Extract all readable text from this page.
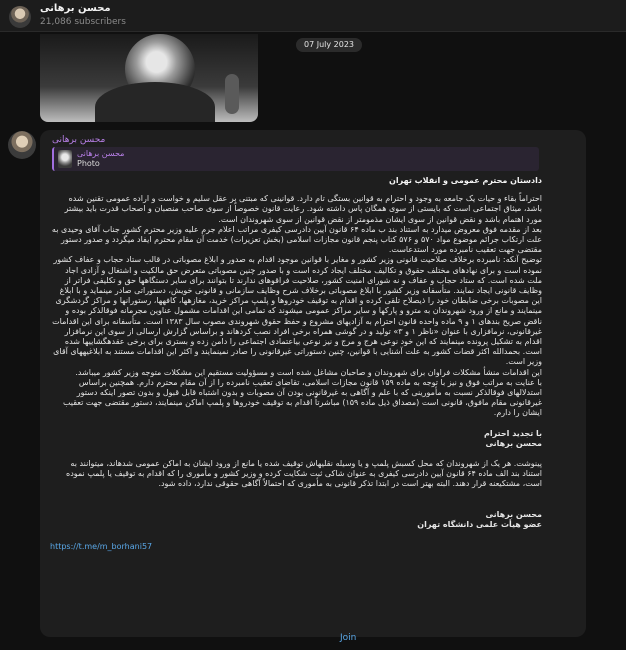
محسن برهانی
21,086 subscribers
07 July 2023
محسن برهانی
محسن برهانی
Photo
دادستان محترم عمومی و انقلاب تهران
احتراماً بقاء و حیات یک جامعه به وجود و احترام به قوانین بستگی تام دارد. قوانینی که مبتنی بر عقل سلیم و خواست و اراده عمومی تقنین شده باشد، میثاق اجتماعی است که بایستی از سوی همگان پاس داشته شود. رعایت قانون خصوصاً از سوی صاحب منصبان و اصحاب قدرت باید بیشتر مورد اهتمام باشد و نقض قوانین از سوی ایشان مذمومتر از نقض قوانین از سوی شهروندان است.
بعد از مقدمه فوق معروض میدارد به استناد بند ب ماده ۶۴ قانون آیین دادرسی کیفری مراتب اعلام جرم علیه وزیر محترم کشور جناب آقای وحیدی به علت ارتکاب جرائم موضوع مواد ۵۷۰ و ۵۷۶ کتاب پنجم قانون مجازات اسلامی (بخش تعزیرات) خدمت آن مقام محترم ایفاد میگردد و صدور دستور مقتضی جهت تعقیب نامبرده مورد استدعاست.
توضیح آنکه: نامبرده برخلاف صلاحیت قانونی وزیر کشور و مغایر با قوانین موجود اقدام به صدور و ابلاغ مصوباتی در قالب ستاد حجاب و عفاف کشور نموده است و برای نهادهای مختلف حقوق و تکالیف مختلف ایجاد کرده است و با صدور چنین مصوباتی متعرض حق مالکیت و اشتغال و آزادی اجاد ملت شده است. که ستاد حجاب و عفاف و نه شورای امنیت کشور، صلاحیت فراقوهای ندارند تا بتوانند برای سایر دستگاهها حق و تکلیفی فراتر از وظایف قانونی ایجاد نمایند. متأسفانه وزیر کشور با ابلاغ مصوباتی برخلاف شرح وظایف سازمانی و قانونی خویش، دستوراتی صادر مینماید و با ابلاغ این مصوبات برخی ضابطان خود را ذیصلاح تلقی کرده و اقدام به توقیف خودروها و پلمپ مراکز خرید، مغازهها، کافهها، رستورانها و مراکز گردشگری مینمایند و مانع از ورود شهروندان به مترو و پارکها و سایر مراکز عمومی میشوند که تمامی این اقدامات مشمول عناوین مجرمانه فوقالذکر بوده و ناقض صریح بندهای ۱ و ۹ ماده واحده قانون احترام به آزادیهای مشروع و حفظ حقوق شهروندی مصوب سال ۱۳۸۳ است. متأسفانه برای این اقدامات غیرقانونی، نرمافزاری با عنوان «ناظر ۱ و ۳» تولید و در گوشی همراه برخی افراد نصب کردهاند و براساس گزارش ارسالی از سوی این نرمافزار اقدام به تشکیل پرونده مینمایند که این خود نوعی هرج و مرج و نیز نوعی بیاعتمادی اجتماعی را دامن زده و بستری برای برخی عقدهگشاییها شده است. بحمدالله اکثر قضات کشور به علت آشنایی با قوانین، چنین دستوراتی غیرقانونی را صادر نمینمایند و اکثر این اقدامات مستند به ابلاغیههای آقای وزیر است.
این اقدامات منشأ مشکلات فراوان برای شهروندان و صاحبان مشاغل شده است و مسؤولیت مستقیم این مشکلات متوجه وزیر کشور میباشد.
با عنایت به مراتب فوق و نیز با توجه به ماده ۱۵۹ قانون مجازات اسلامی، تقاضای تعقیب نامبرده را از آن مقام محترم دارم. همچنین براساس استدلالهای فوقالذکر نسبت به مأمورینی که با علم و آگاهی به غیرقانونی بودن آن مصوبات و بدون اشتباه قابل قبول و بدون تصور اینکه دستور غیرقانونی مقام مافوق، قانونی است (مصداق ذیل ماده ۱۵۹) مباشرتاً اقدام به توقیف خودروها و پلمپ اماکن مینمایند، دستور مقتضی جهت تعقیب ایشان را دارم.
با تجدید احترام
محسن برهانی
پینوشت. هر یک از شهروندان که محل کسبش پلمپ و یا وسیله نقلیهاش توقیف شده یا مانع از ورود ایشان به اماکن عمومی شدهاند، میتوانند به استناد بند الف ماده ۶۴ قانون آیین دادرسی کیفری به عنوان شاکی ثبت شکایت کرده و وزیر کشور و مأموری را که اقدام به توقیف یا پلمپ نموده است، مشتکیعنه قرار دهند. البته بهتر است در ابتدا تذکر قانونی به مأموری که احتمالاً آگاهی حقوقی ندارد، داده شود.
محسن برهانی
عضو هیأت علمی دانشگاه تهران
https://t.me/m_borhani57
Join
